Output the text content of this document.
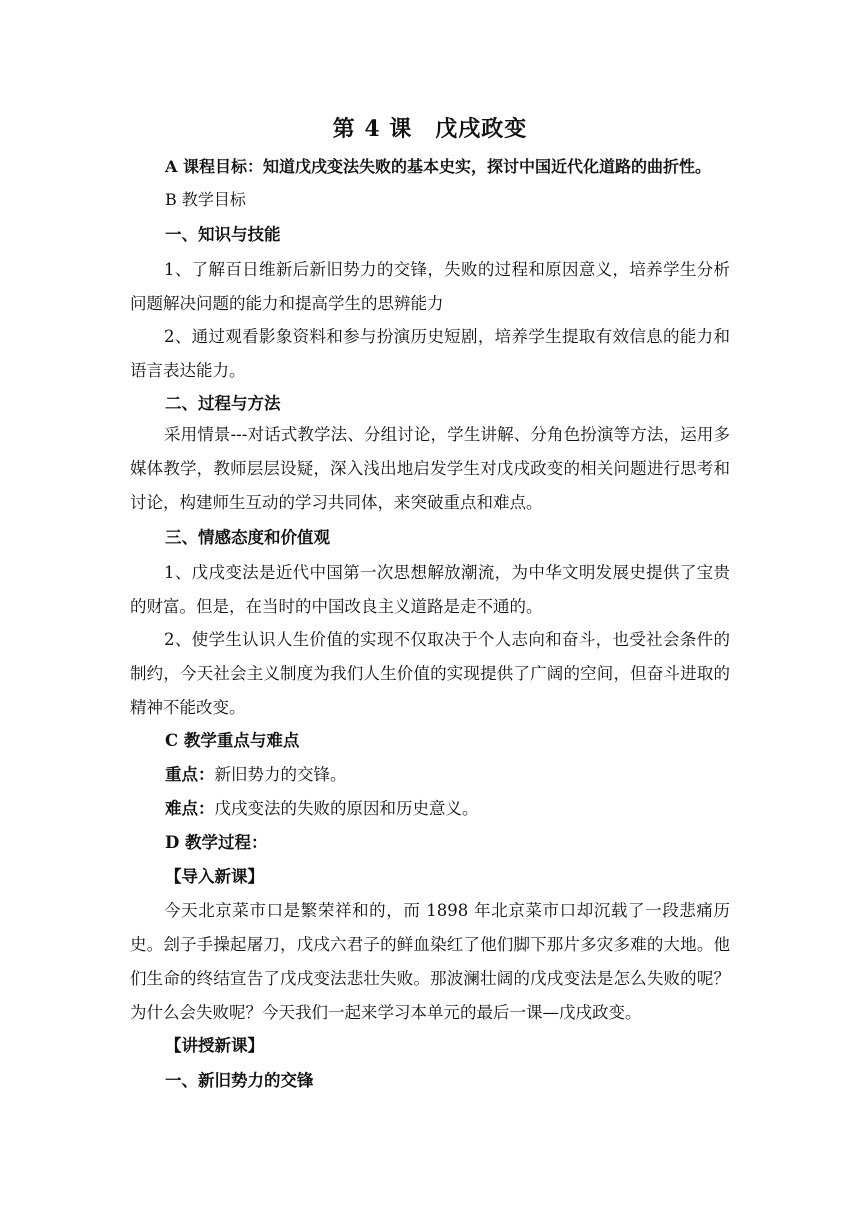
第 4 课　戊戌政变
A 课程目标：知道戊戌变法失败的基本史实，探讨中国近代化道路的曲折性。
B 教学目标
一、知识与技能
1、了解百日维新后新旧势力的交锋，失败的过程和原因意义，培养学生分析问题解决问题的能力和提高学生的思辨能力
2、通过观看影象资料和参与扮演历史短剧，培养学生提取有效信息的能力和语言表达能力。
二、过程与方法
采用情景---对话式教学法、分组讨论，学生讲解、分角色扮演等方法，运用多媒体教学，教师层层设疑，深入浅出地启发学生对戊戌政变的相关问题进行思考和讨论，构建师生互动的学习共同体，来突破重点和难点。
三、情感态度和价值观
1、戊戌变法是近代中国第一次思想解放潮流，为中华文明发展史提供了宝贵的财富。但是，在当时的中国改良主义道路是走不通的。
2、使学生认识人生价值的实现不仅取决于个人志向和奋斗，也受社会条件的制约，今天社会主义制度为我们人生价值的实现提供了广阔的空间，但奋斗进取的精神不能改变。
C 教学重点与难点
重点：新旧势力的交锋。
难点：戊戌变法的失败的原因和历史意义。
D 教学过程：
【导入新课】
今天北京菜市口是繁荣祥和的，而 1898 年北京菜市口却沉载了一段悲痛历史。刽子手操起屠刀，戊戌六君子的鲜血染红了他们脚下那片多灾多难的大地。他们生命的终结宣告了戊戌变法悲壮失败。那波澜壮阔的戊戌变法是怎么失败的呢？为什么会失败呢？今天我们一起来学习本单元的最后一课—戊戌政变。
【讲授新课】
一、新旧势力的交锋
